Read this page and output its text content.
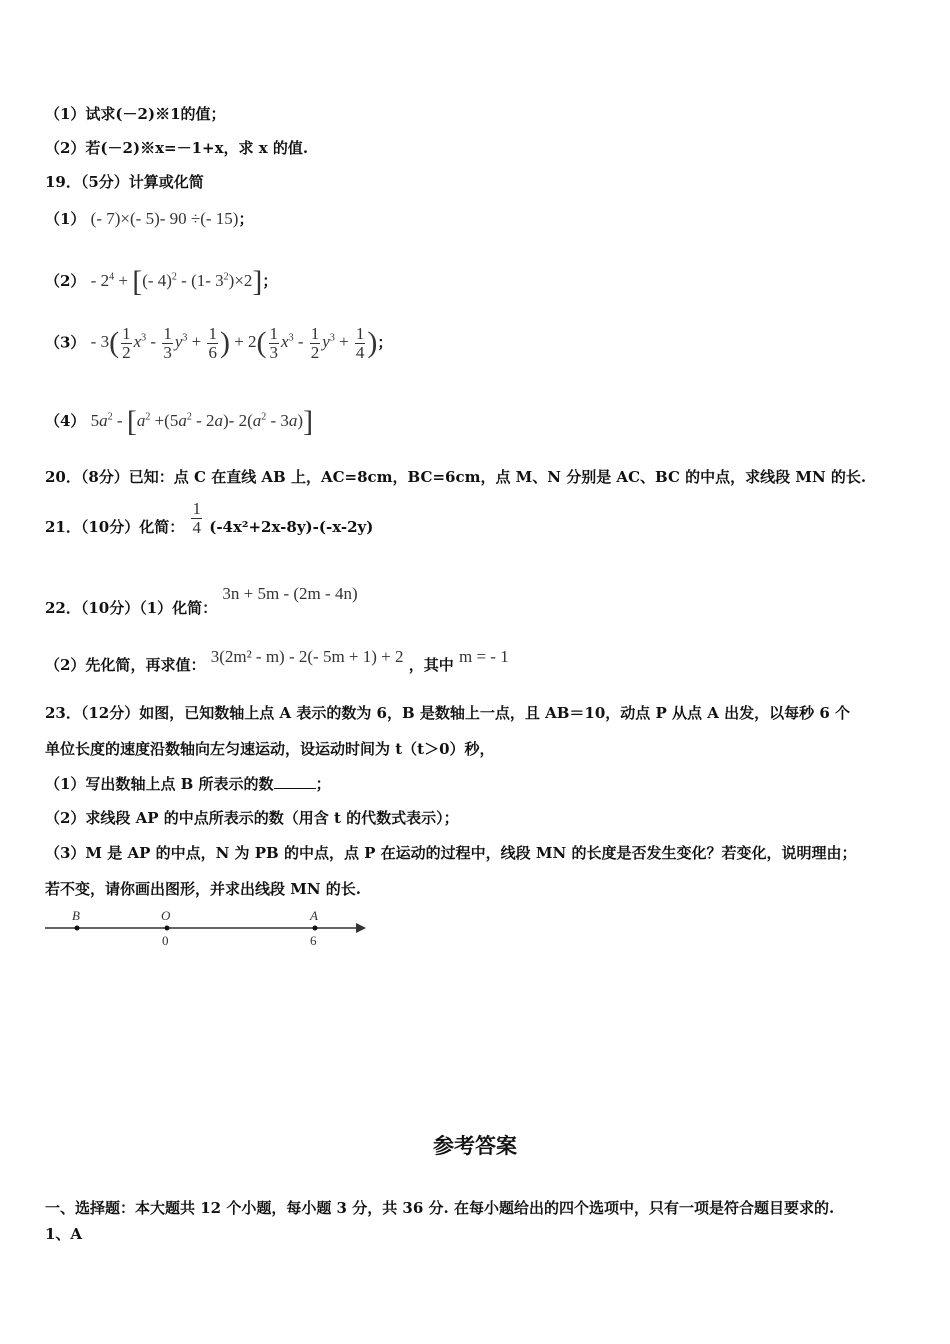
（1）试求(－2)※1的值；
（2）若(－2)※x=－1+x，求 x 的值.
19．（5分）计算或化简
（1） (- 7)×(- 5)- 90 ÷(- 15)；
$(2) - 2^4$ + [(- 4)$^2$ - (1- $3^2)\times 2$]；
$(3) - 3( \frac{1}{2} x^3 - \frac{1}{3} y^3 + \frac{1}{6}$ ) + $2( \frac{1}{3} x^3 - \frac{1}{2} y^3 + \frac{1}{4}$ )；
（4） $5a^2 - [a^2 +(5a^2 - 2a)-$ $2(a^2 - 3a)$]
20．（8分）已知：点 C 在直线 AB 上，AC=8cm，BC=6cm，点 M、N 分别是 AC、BC 的中点，求线段 MN 的长.
21．（10分）化简： $\frac{1}{4} (-4x^2+2x-8y)-(-x-2y)$
22．（10分）（1）化简： 3n + 5m - (2m - 4n)
（2）先化简，再求值： 3(2m² - m) - 2(- 5m + 1) + 2 ，其中 m = - 1
23．（12分）如图，已知数轴上点 A 表示的数为 6，B 是数轴上一点，且 AB＝10，动点 P 从点 A 出发，以每秒 6 个
单位长度的速度沿数轴向左匀速运动，设运动时间为 t（t＞0）秒，
（1）写出数轴上点 B 所表示的数	；
（2）求线段 AP 的中点所表示的数（用含 t 的代数式表示）；
（3）M 是 AP 的中点，N 为 PB 的中点，点 P 在运动的过程中，线段 MN 的长度是否发生变化？若变化，说明理由；
若不变，请你画出图形，并求出线段 MN 的长.
B	O	A
0	6
参考答案
一、选择题：本大题共 12 个小题，每小题 3 分，共 36 分. 在每小题给出的四个选项中，只有一项是符合题目要求的.
1、A
